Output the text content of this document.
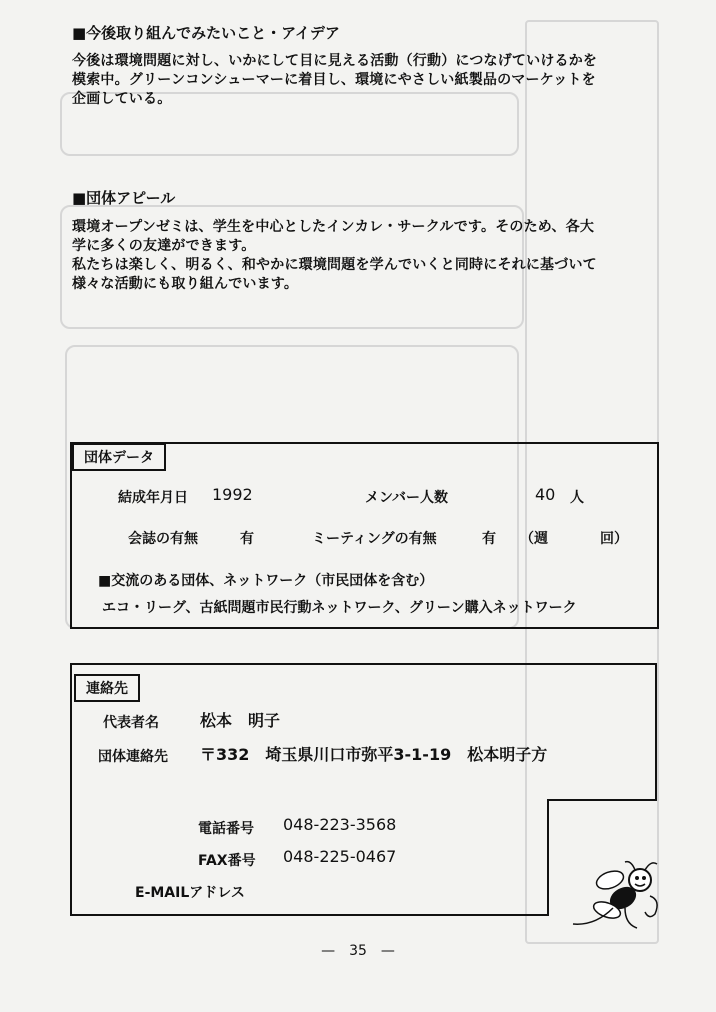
■今後取り組んでみたいこと・アイデア

今後は環境問題に対し、いかにして目に見える活動（行動）につなげていけるかを

模索中。グリーンコンシューマーに着目し、環境にやさしい紙製品のマーケットを

企画している。

■団体アピール

環境オープンゼミは、学生を中心としたインカレ・サークルです。そのため、各大

学に多くの友達ができます。

私たちは楽しく、明るく、和やかに環境問題を学んでいくと同時にそれに基づいて

様々な活動にも取り組んでいます。

団体データ
結成年月日 1992	メンバー人数	40 人
会誌の有無	有	ミーティングの有無	有 （週	回）
■交流のある団体、ネットワーク（市民団体を含む）
エコ・リーグ、古紙問題市民行動ネットワーク、グリーン購入ネットワーク
連絡先
代表者名	松本　明子
団体連絡先 〒332　埼玉県川口市弥平3-1-19　松本明子方
電話番号 048-223-3568
FAX番号 048-225-0467
E-MAILアドレス
—　35　—
